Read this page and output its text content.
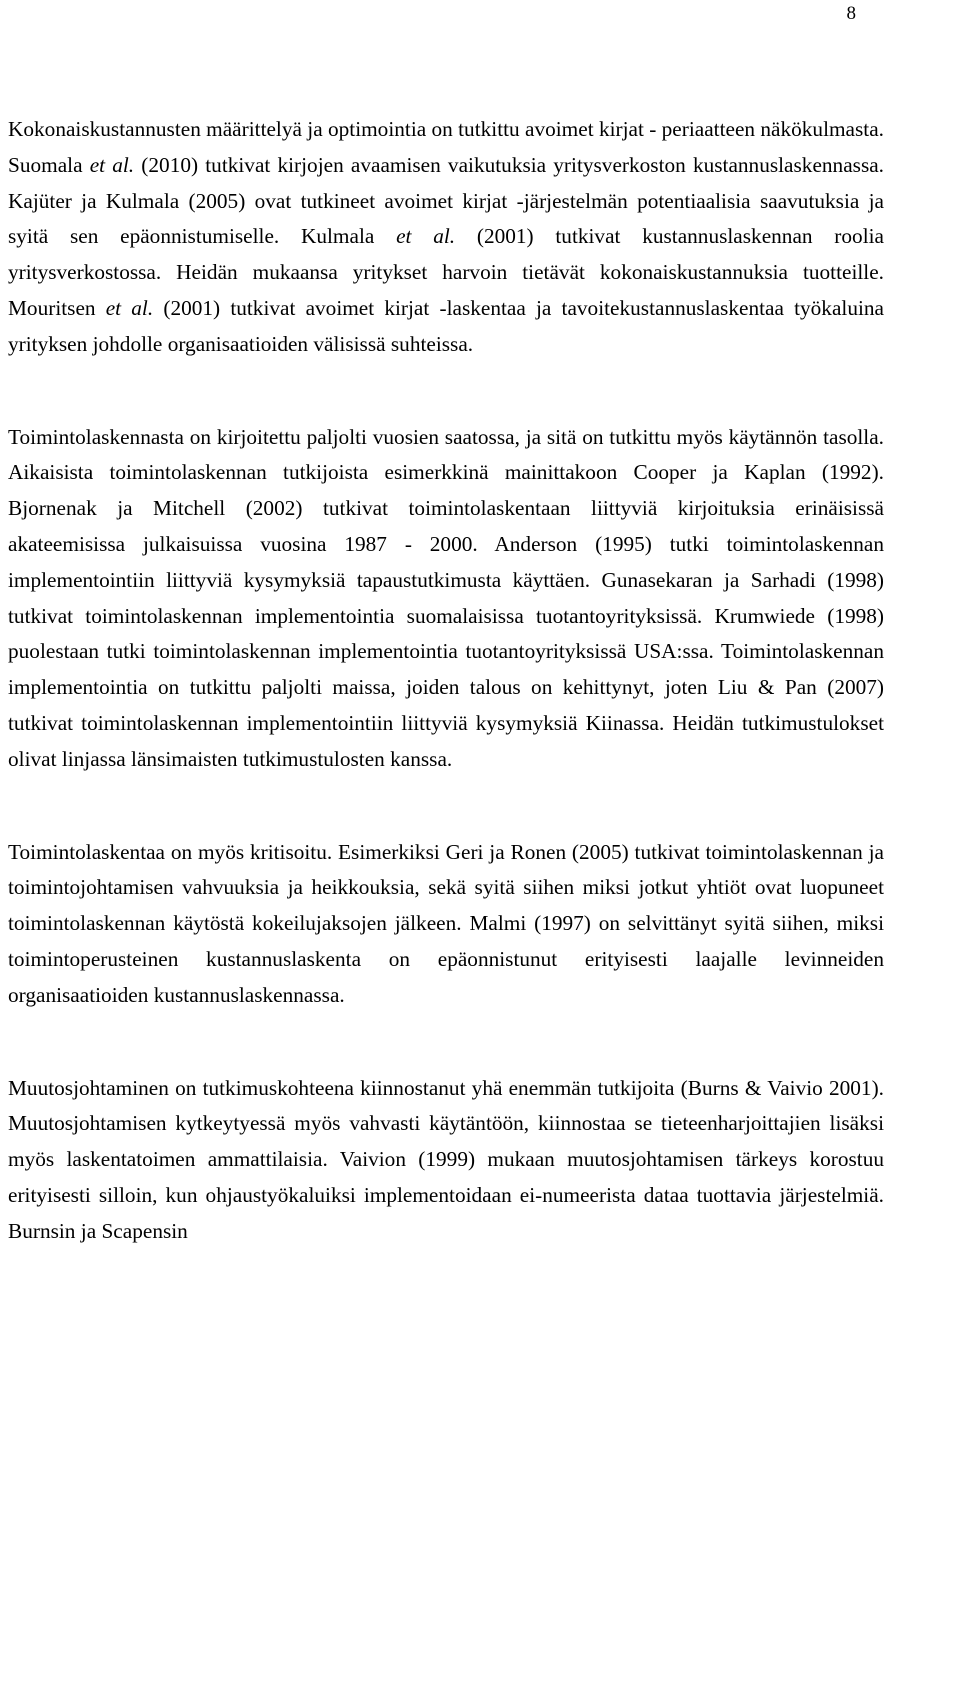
8

Kokonaiskustannusten määrittelyä ja optimointia on tutkittu avoimet kirjat - periaatteen näkökulmasta. Suomala et al. (2010) tutkivat kirjojen avaamisen vaikutuksia yritysverkoston kustannuslaskennassa. Kajüter ja Kulmala (2005) ovat tutkineet avoimet kirjat -järjestelmän potentiaalisia saavutuksia ja syitä sen epäonnistumiselle. Kulmala et al. (2001) tutkivat kustannuslaskennan roolia yritysverkostossa. Heidän mukaansa yritykset harvoin tietävät kokonaiskustannuksia tuotteille. Mouritsen et al. (2001) tutkivat avoimet kirjat -laskentaa ja tavoitekustannuslaskentaa työkaluina yrityksen johdolle organisaatioiden välisissä suhteissa.

Toimintolaskennasta on kirjoitettu paljolti vuosien saatossa, ja sitä on tutkittu myös käytännön tasolla. Aikaisista toimintolaskennan tutkijoista esimerkkinä mainittakoon Cooper ja Kaplan (1992). Bjornenak ja Mitchell (2002) tutkivat toimintolaskentaan liittyviä kirjoituksia erinäisissä akateemisissa julkaisuissa vuosina 1987 - 2000. Anderson (1995) tutki toimintolaskennan implementointiin liittyviä kysymyksiä tapaustutkimusta käyttäen. Gunasekaran ja Sarhadi (1998) tutkivat toimintolaskennan implementointia suomalaisissa tuotantoyrityksissä. Krumwiede (1998) puolestaan tutki toimintolaskennan implementointia tuotantoyrityksissä USA:ssa. Toimintolaskennan implementointia on tutkittu paljolti maissa, joiden talous on kehittynyt, joten Liu & Pan (2007) tutkivat toimintolaskennan implementointiin liittyviä kysymyksiä Kiinassa. Heidän tutkimustulokset olivat linjassa länsimaisten tutkimustulosten kanssa.

Toimintolaskentaa on myös kritisoitu. Esimerkiksi Geri ja Ronen (2005) tutkivat toimintolaskennan ja toimintojohtamisen vahvuuksia ja heikkouksia, sekä syitä siihen miksi jotkut yhtiöt ovat luopuneet toimintolaskennan käytöstä kokeilujaksojen jälkeen. Malmi (1997) on selvittänyt syitä siihen, miksi toimintoperusteinen kustannuslaskenta on epäonnistunut erityisesti laajalle levinneiden organisaatioiden kustannuslaskennassa.

Muutosjohtaminen on tutkimuskohteena kiinnostanut yhä enemmän tutkijoita (Burns & Vaivio 2001). Muutosjohtamisen kytkeytyessä myös vahvasti käytäntöön, kiinnostaa se tieteenharjoittajien lisäksi myös laskentatoimen ammattilaisia. Vaivion (1999) mukaan muutosjohtamisen tärkeys korostuu erityisesti silloin, kun ohjaustyökaluiksi implementoidaan ei-numeerista dataa tuottavia järjestelmiä. Burnsin ja Scapensin
